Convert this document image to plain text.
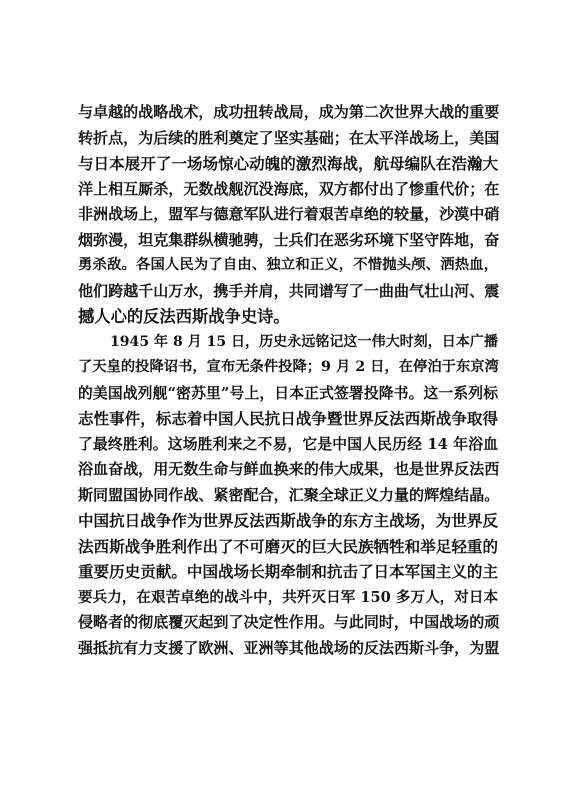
与卓越的战略战术，成功扭转战局，成为第二次世界大战的重要
转折点，为后续的胜利奠定了坚实基础；在太平洋战场上，美国
与日本展开了一场场惊心动魄的激烈海战，航母编队在浩瀚大
洋上相互厮杀，无数战舰沉没海底，双方都付出了惨重代价；在
非洲战场上，盟军与德意军队进行着艰苦卓绝的较量，沙漠中硝
烟弥漫，坦克集群纵横驰骋，士兵们在恶劣环境下坚守阵地，奋
勇杀敌。各国人民为了自由、独立和正义，不惜抛头颅、洒热血，
他们跨越千山万水，携手并肩，共同谱写了一曲曲气壮山河、震
撼人心的反法西斯战争史诗。
1945 年 8 月 15 日，历史永远铭记这一伟大时刻，日本广播
了天皇的投降诏书，宣布无条件投降；9 月 2 日，在停泊于东京湾
的美国战列舰“密苏里”号上，日本正式签署投降书。这一系列标
志性事件，标志着中国人民抗日战争暨世界反法西斯战争取得
了最终胜利。这场胜利来之不易，它是中国人民历经 14 年浴血
浴血奋战，用无数生命与鲜血换来的伟大成果，也是世界反法西
斯同盟国协同作战、紧密配合，汇聚全球正义力量的辉煌结晶。
中国抗日战争作为世界反法西斯战争的东方主战场，为世界反
法西斯战争胜利作出了不可磨灭的巨大民族牺牲和举足轻重的
重要历史贡献。中国战场长期牵制和抗击了日本军国主义的主
要兵力，在艰苦卓绝的战斗中，共歼灭日军 150 多万人，对日本
侵略者的彻底覆灭起到了决定性作用。与此同时，中国战场的顽
强抵抗有力支援了欧洲、亚洲等其他战场的反法西斯斗争，为盟
